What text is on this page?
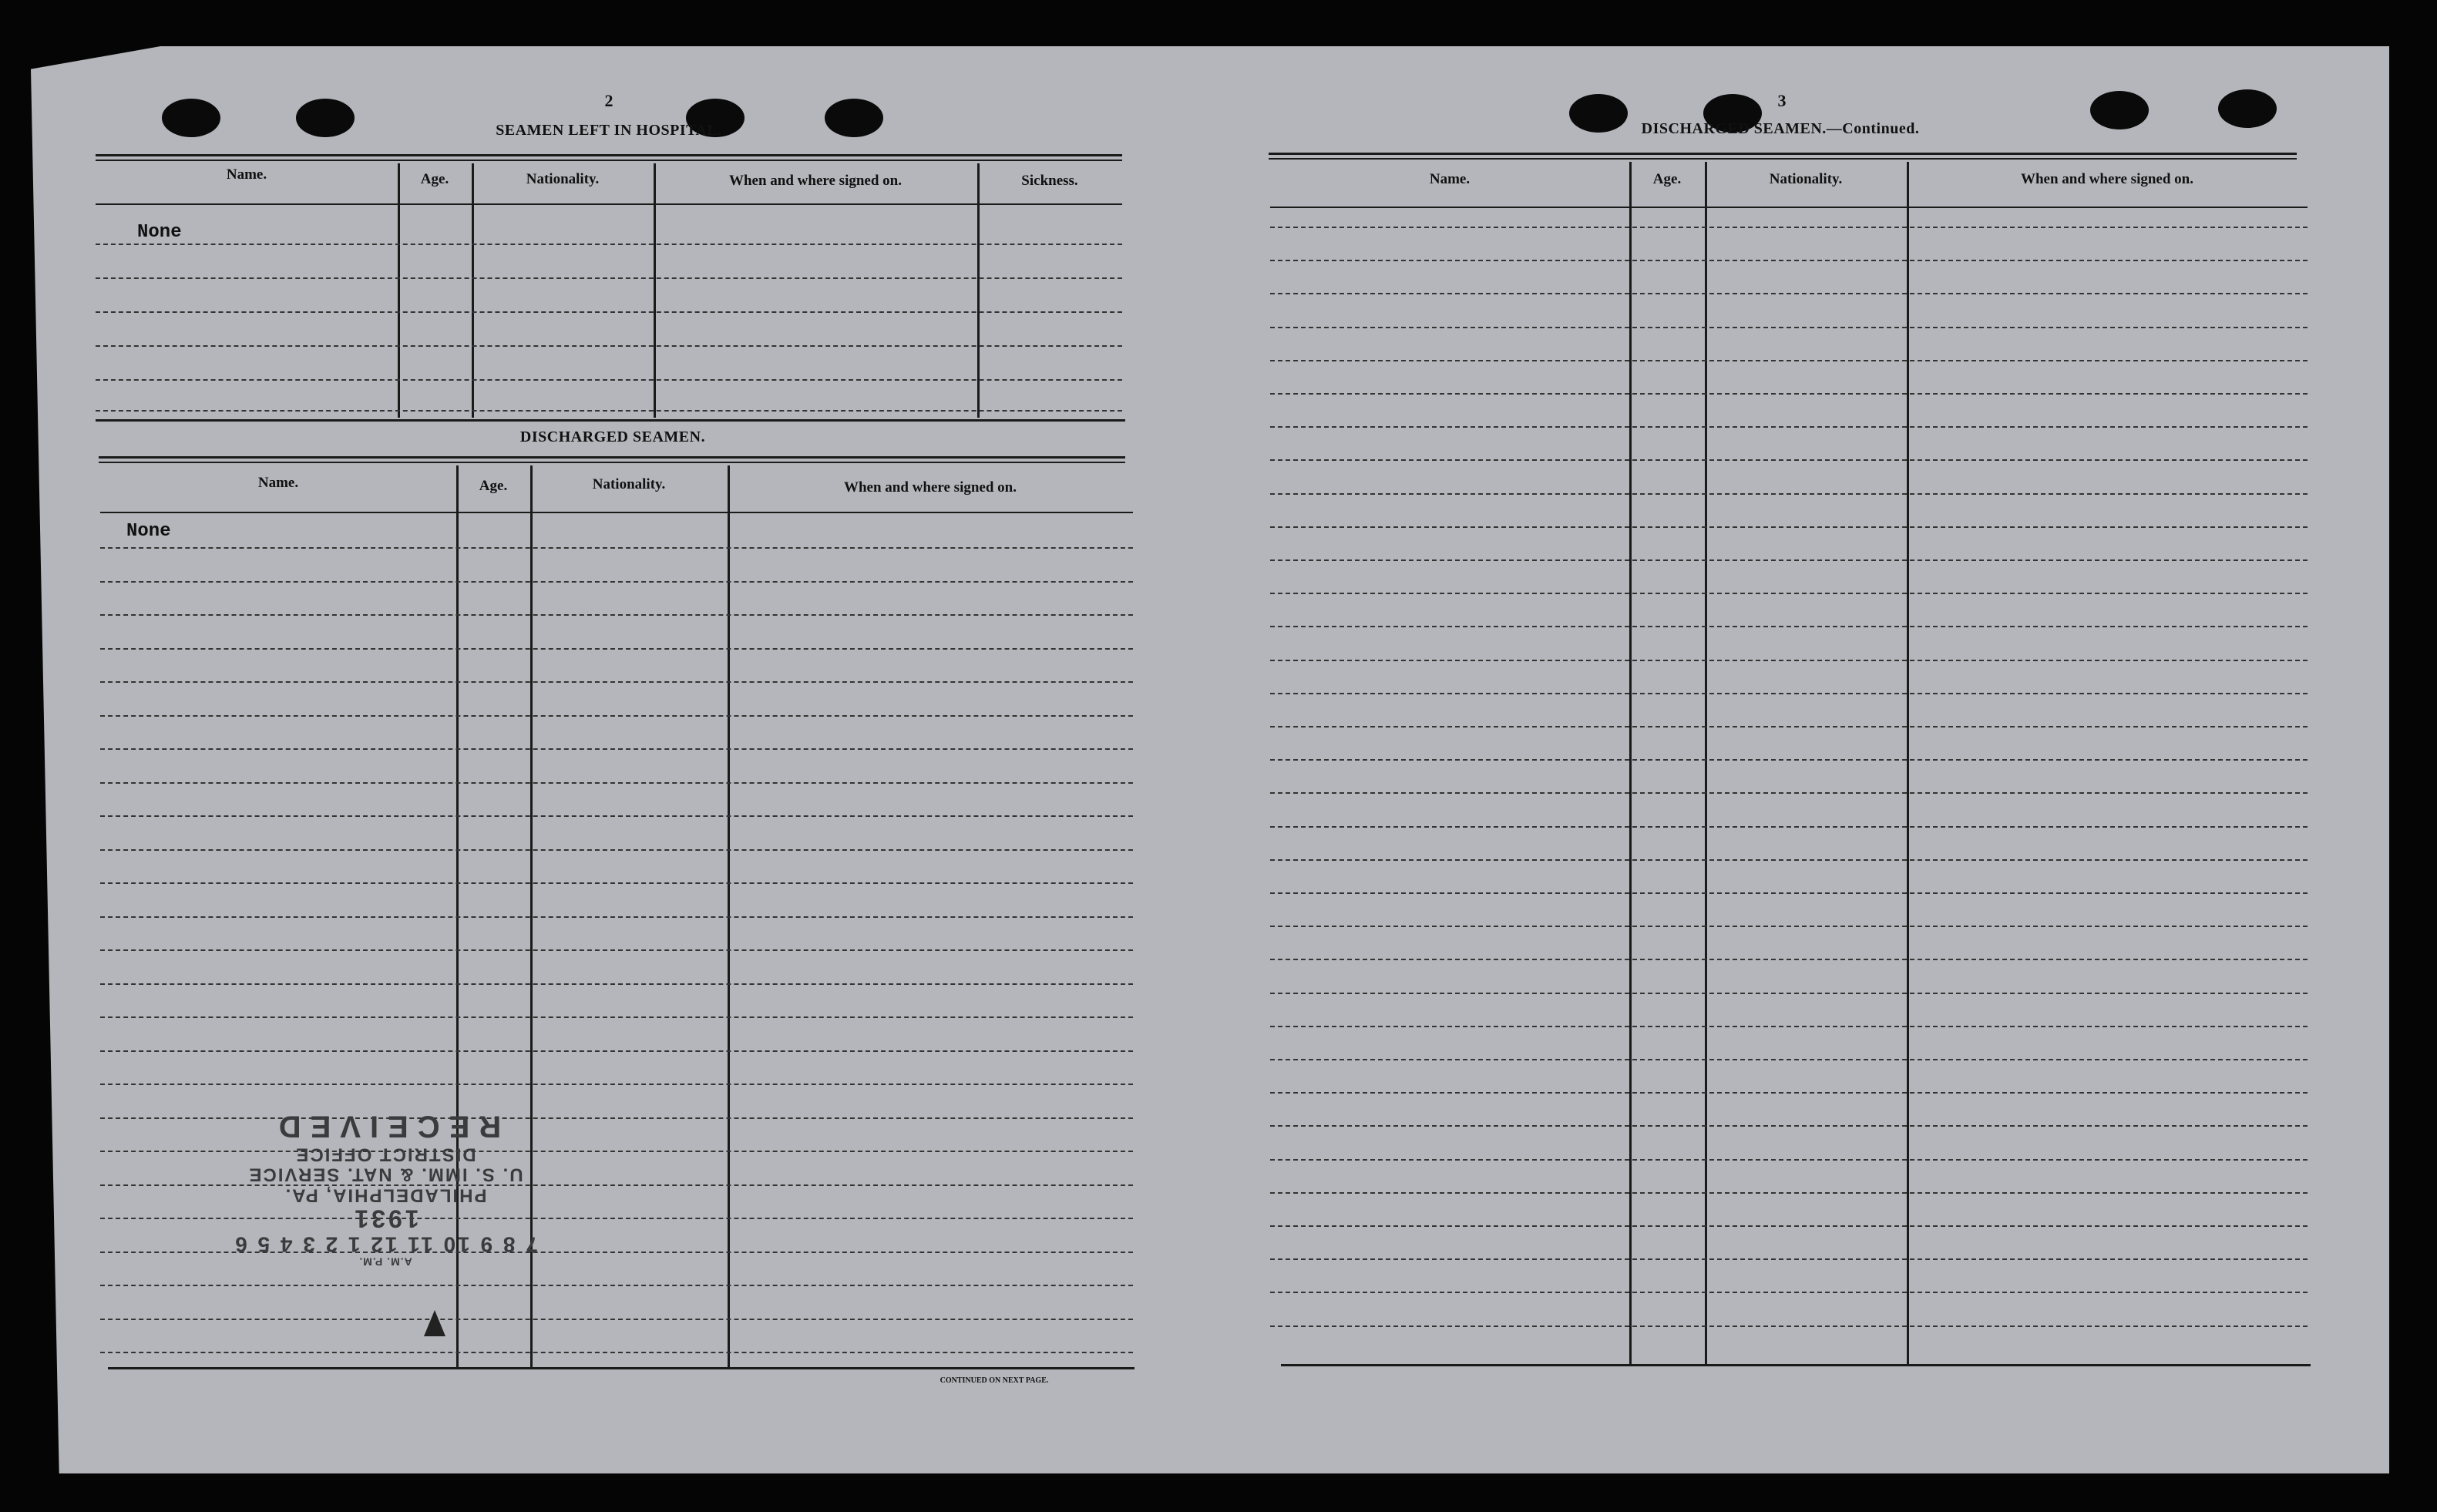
2
SEAMEN LEFT IN HOSPITAL.
Name.	Age.	Nationality.	When and where signed on.	Sickness.
None
DISCHARGED SEAMEN.
Name.	Age.	Nationality.	When and where signed on.
None
CONTINUED ON NEXT PAGE.
A.M. P.M.
7 8 9 10 11 12 1 2 3 4 5 6
1931
PHILADELPHIA, PA.
U. S. IMM. & NAT. SERVICE
DISTRICT OFFICE
RECEIVED
3
DISCHARGED SEAMEN.—Continued.
Name.	Age.	Nationality.	When and where signed on.
